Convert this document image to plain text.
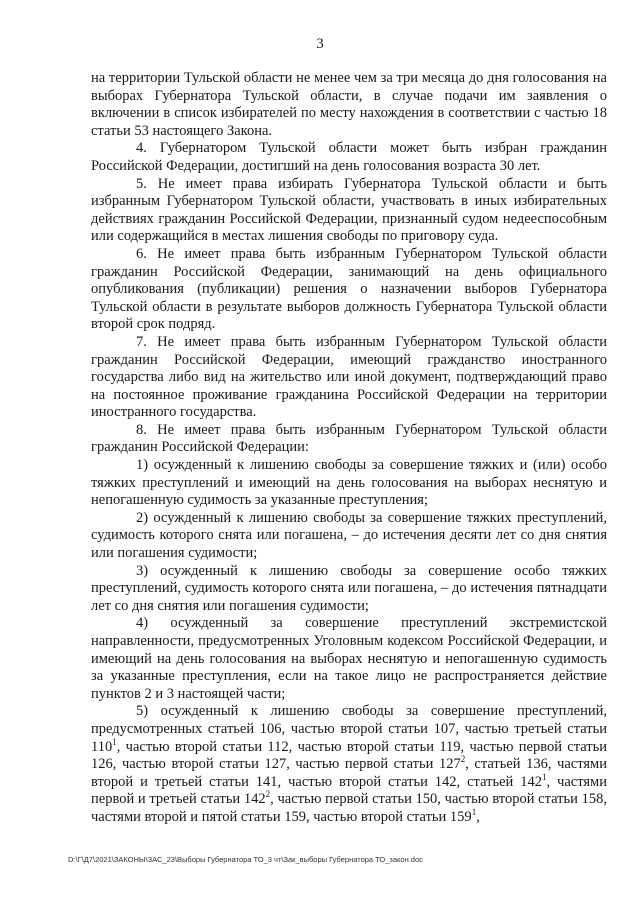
3

на территории Тульской области не менее чем за три месяца до дня голосования на выборах Губернатора Тульской области, в случае подачи им заявления о включении в список избирателей по месту нахождения в соответствии с частью 18 статьи 53 настоящего Закона.

4. Губернатором Тульской области может быть избран гражданин Российской Федерации, достигший на день голосования возраста 30 лет.

5. Не имеет права избирать Губернатора Тульской области и быть избранным Губернатором Тульской области, участвовать в иных избирательных действиях гражданин Российской Федерации, признанный судом недееспособным или содержащийся в местах лишения свободы по приговору суда.

6. Не имеет права быть избранным Губернатором Тульской области гражданин Российской Федерации, занимающий на день официального опубликования (публикации) решения о назначении выборов Губернатора Тульской области в результате выборов должность Губернатора Тульской области второй срок подряд.

7. Не имеет права быть избранным Губернатором Тульской области гражданин Российской Федерации, имеющий гражданство иностранного государства либо вид на жительство или иной документ, подтверждающий право на постоянное проживание гражданина Российской Федерации на территории иностранного государства.

8. Не имеет права быть избранным Губернатором Тульской области гражданин Российской Федерации:

1) осужденный к лишению свободы за совершение тяжких и (или) особо тяжких преступлений и имеющий на день голосования на выборах неснятую и непогашенную судимость за указанные преступления;

2) осужденный к лишению свободы за совершение тяжких преступлений, судимость которого снята или погашена, – до истечения десяти лет со дня снятия или погашения судимости;

3) осужденный к лишению свободы за совершение особо тяжких преступлений, судимость которого снята или погашена, – до истечения пятнадцати лет со дня снятия или погашения судимости;

4) осужденный за совершение преступлений экстремистской направленности, предусмотренных Уголовным кодексом Российской Федерации, и имеющий на день голосования на выборах неснятую и непогашенную судимость за указанные преступления, если на такое лицо не распространяется действие пунктов 2 и 3 настоящей части;

5) осужденный к лишению свободы за совершение преступлений, предусмотренных статьей 106, частью второй статьи 107, частью третьей статьи $110^1$, частью второй статьи 112, частью второй статьи 119, частью первой статьи 126, частью второй статьи 127, частью первой статьи $127^2$, статьей 136, частями второй и третьей статьи 141, частью второй статьи 142, статьей $142^1$, частями первой и третьей статьи $142^2$, частью первой статьи 150, частью второй статьи 158, частями второй и пятой статьи 159, частью второй статьи $159^1$,

D:\Г\Д7\2021\ЗАКОНЫ\ЗАС_23\Выборы Губернатора ТО_3 чт\Зак_выборы Губернатора ТО_закон.doc
